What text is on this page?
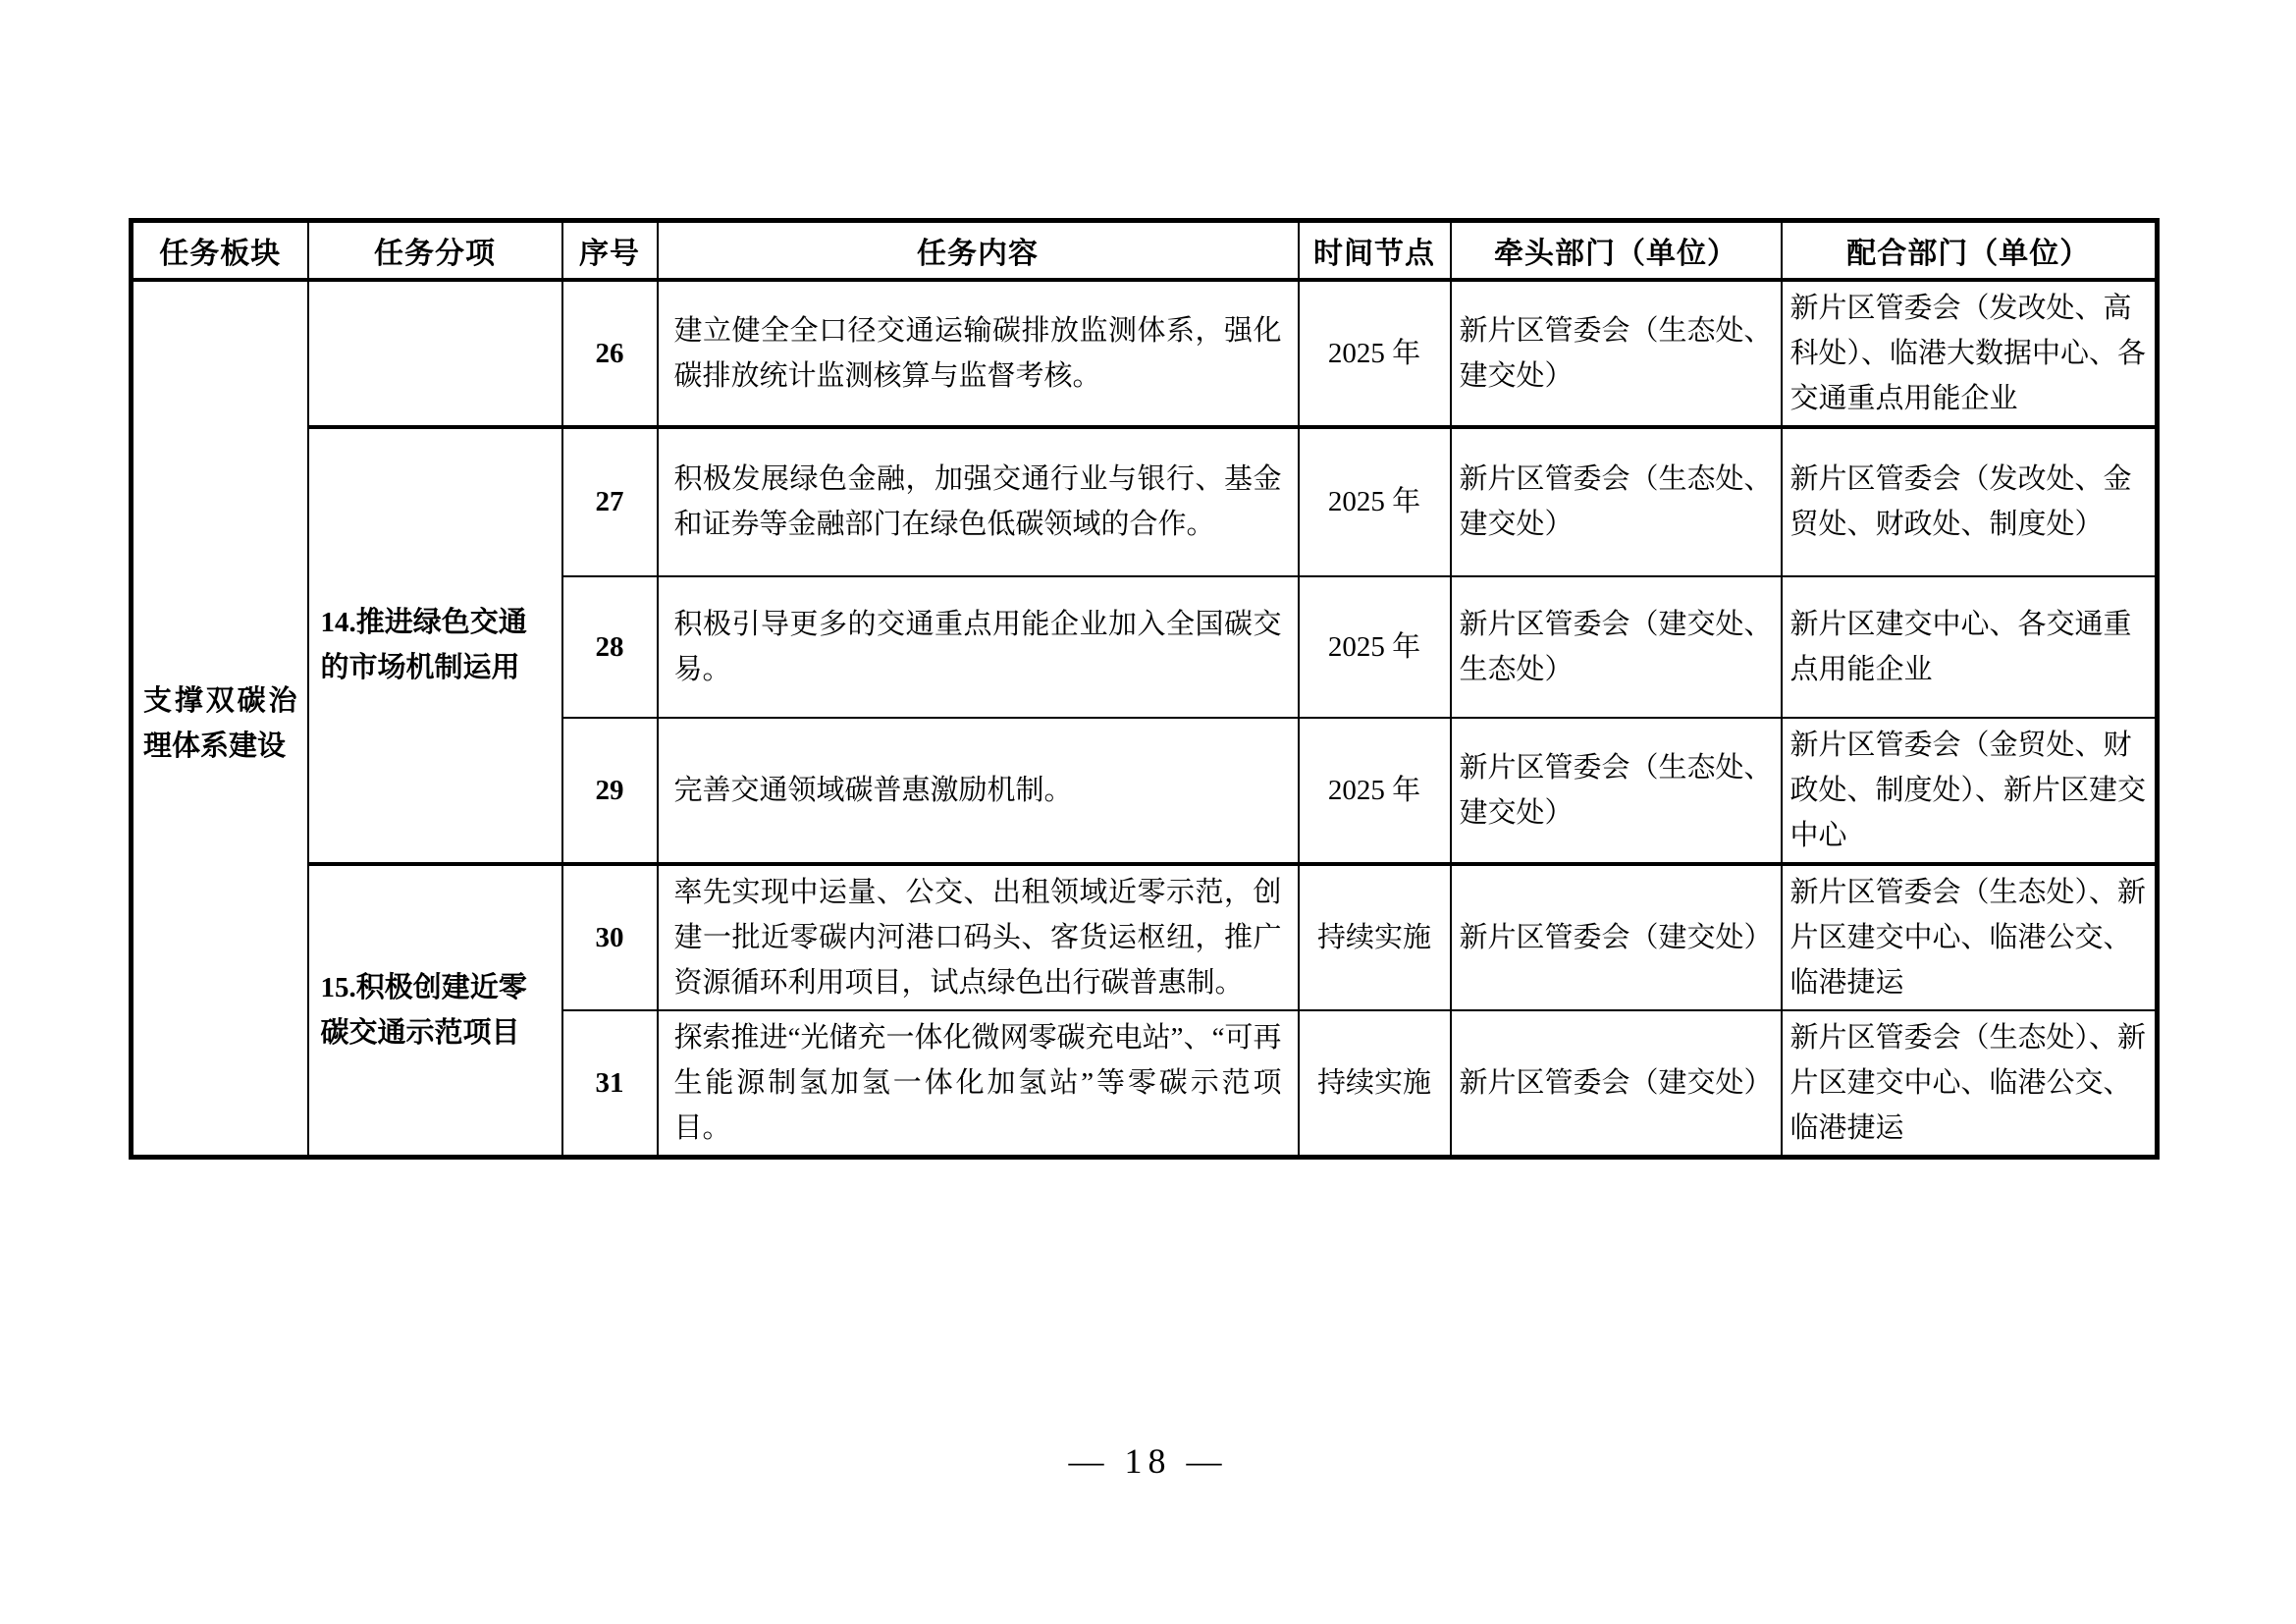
任务板块	任务分项	序号	任务内容	时间节点	牵头部门（单位）	配合部门（单位）
支撑双碳治理体系建设		26	建立健全全口径交通运输碳排放监测体系，强化碳排放统计监测核算与监督考核。	2025 年	新片区管委会（生态处、建交处）	新片区管委会（发改处、高科处）、临港大数据中心、各交通重点用能企业
	14.推进绿色交通的市场机制运用	27	积极发展绿色金融，加强交通行业与银行、基金和证券等金融部门在绿色低碳领域的合作。	2025 年	新片区管委会（生态处、建交处）	新片区管委会（发改处、金贸处、财政处、制度处）
		28	积极引导更多的交通重点用能企业加入全国碳交易。	2025 年	新片区管委会（建交处、生态处）	新片区建交中心、各交通重点用能企业
		29	完善交通领域碳普惠激励机制。	2025 年	新片区管委会（生态处、建交处）	新片区管委会（金贸处、财政处、制度处）、新片区建交中心
	15.积极创建近零碳交通示范项目	30	率先实现中运量、公交、出租领域近零示范，创建一批近零碳内河港口码头、客货运枢纽，推广资源循环利用项目，试点绿色出行碳普惠制。	持续实施	新片区管委会（建交处）	新片区管委会（生态处）、新片区建交中心、临港公交、临港捷运
		31	探索推进“光储充一体化微网零碳充电站”、“可再生能源制氢加氢一体化加氢站”等零碳示范项目。	持续实施	新片区管委会（建交处）	新片区管委会（生态处）、新片区建交中心、临港公交、临港捷运
— 18 —
